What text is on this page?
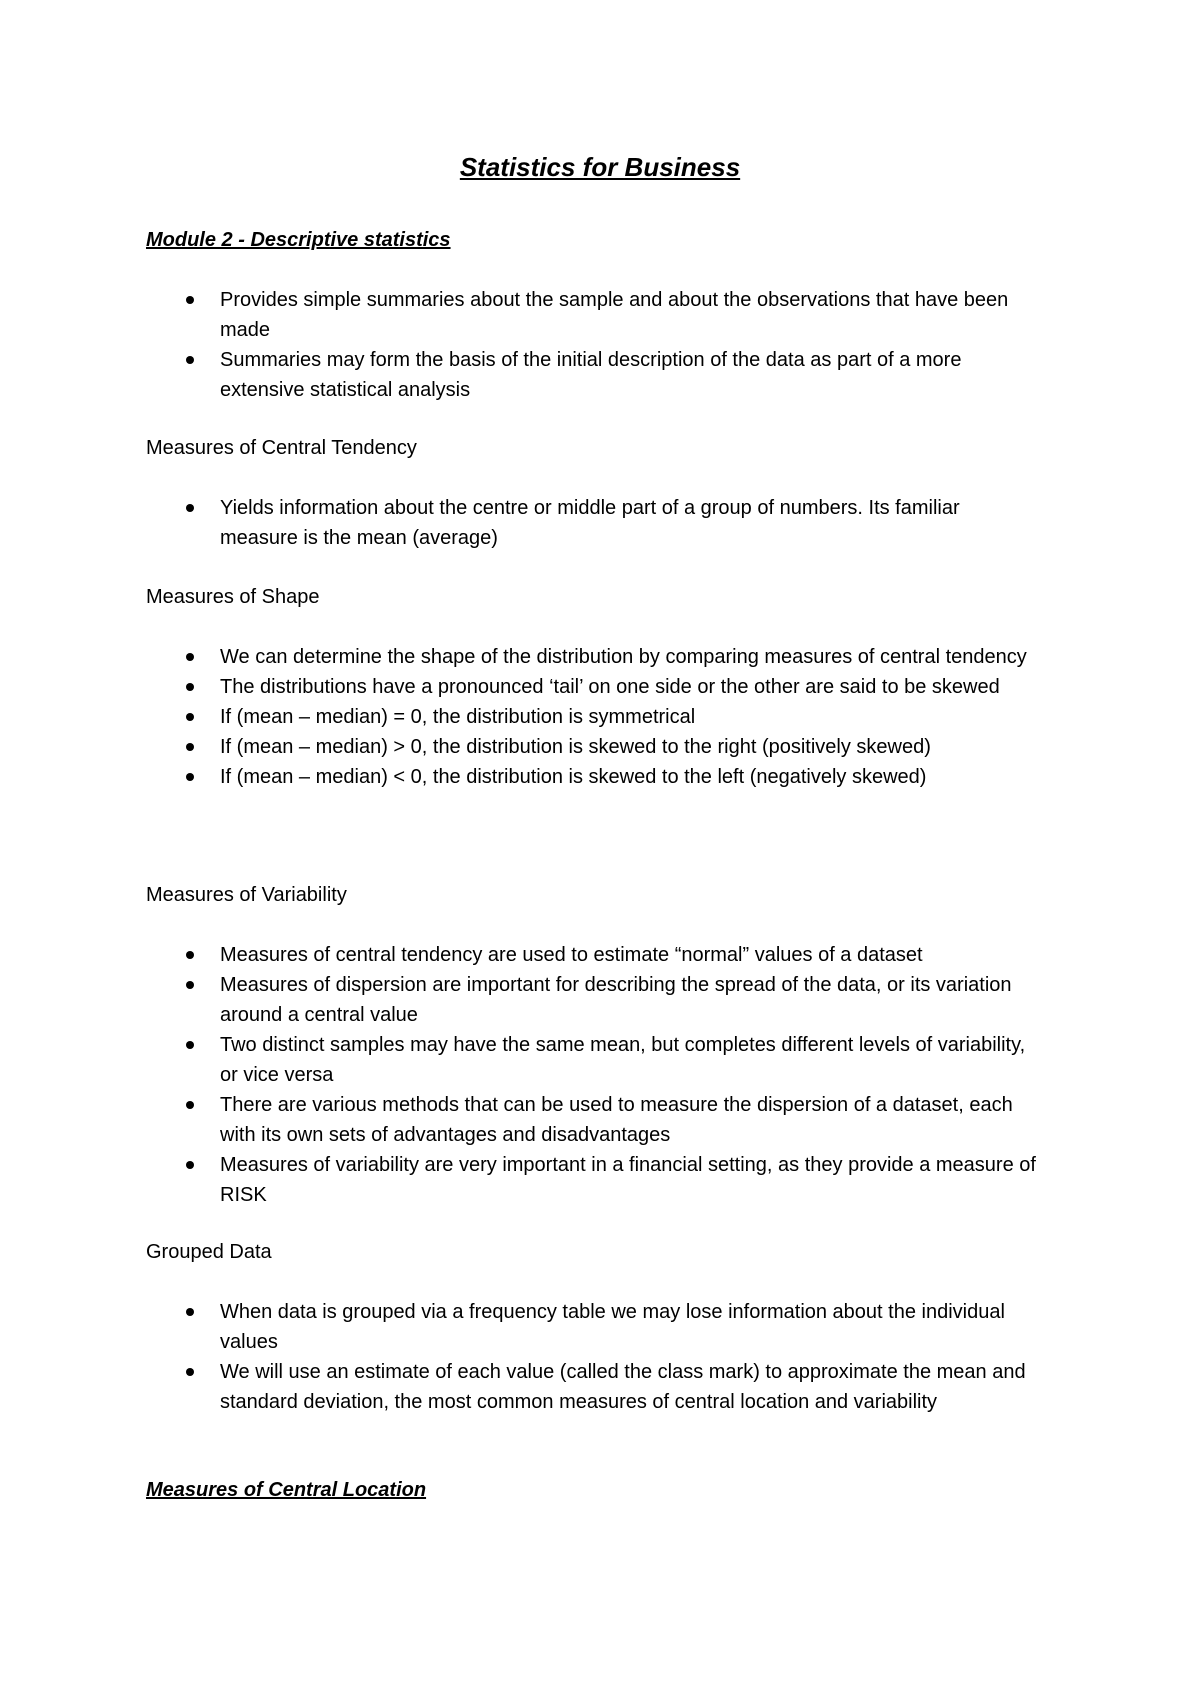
Statistics for Business
Module 2 - Descriptive statistics
Provides simple summaries about the sample and about the observations that have been made
Summaries may form the basis of the initial description of the data as part of a more extensive statistical analysis
Measures of Central Tendency
Yields information about the centre or middle part of a group of numbers. Its familiar measure is the mean (average)
Measures of Shape
We can determine the shape of the distribution by comparing measures of central tendency
The distributions have a pronounced ‘tail’ on one side or the other are said to be skewed
If (mean – median) = 0, the distribution is symmetrical
If (mean – median) > 0, the distribution is skewed to the right (positively skewed)
If (mean – median) < 0, the distribution is skewed to the left (negatively skewed)
Measures of Variability
Measures of central tendency are used to estimate “normal” values of a dataset
Measures of dispersion are important for describing the spread of the data, or its variation around a central value
Two distinct samples may have the same mean, but completes different levels of variability, or vice versa
There are various methods that can be used to measure the dispersion of a dataset, each with its own sets of advantages and disadvantages
Measures of variability are very important in a financial setting, as they provide a measure of RISK
Grouped Data
When data is grouped via a frequency table we may lose information about the individual values
We will use an estimate of each value (called the class mark) to approximate the mean and standard deviation, the most common measures of central location and variability
Measures of Central Location
